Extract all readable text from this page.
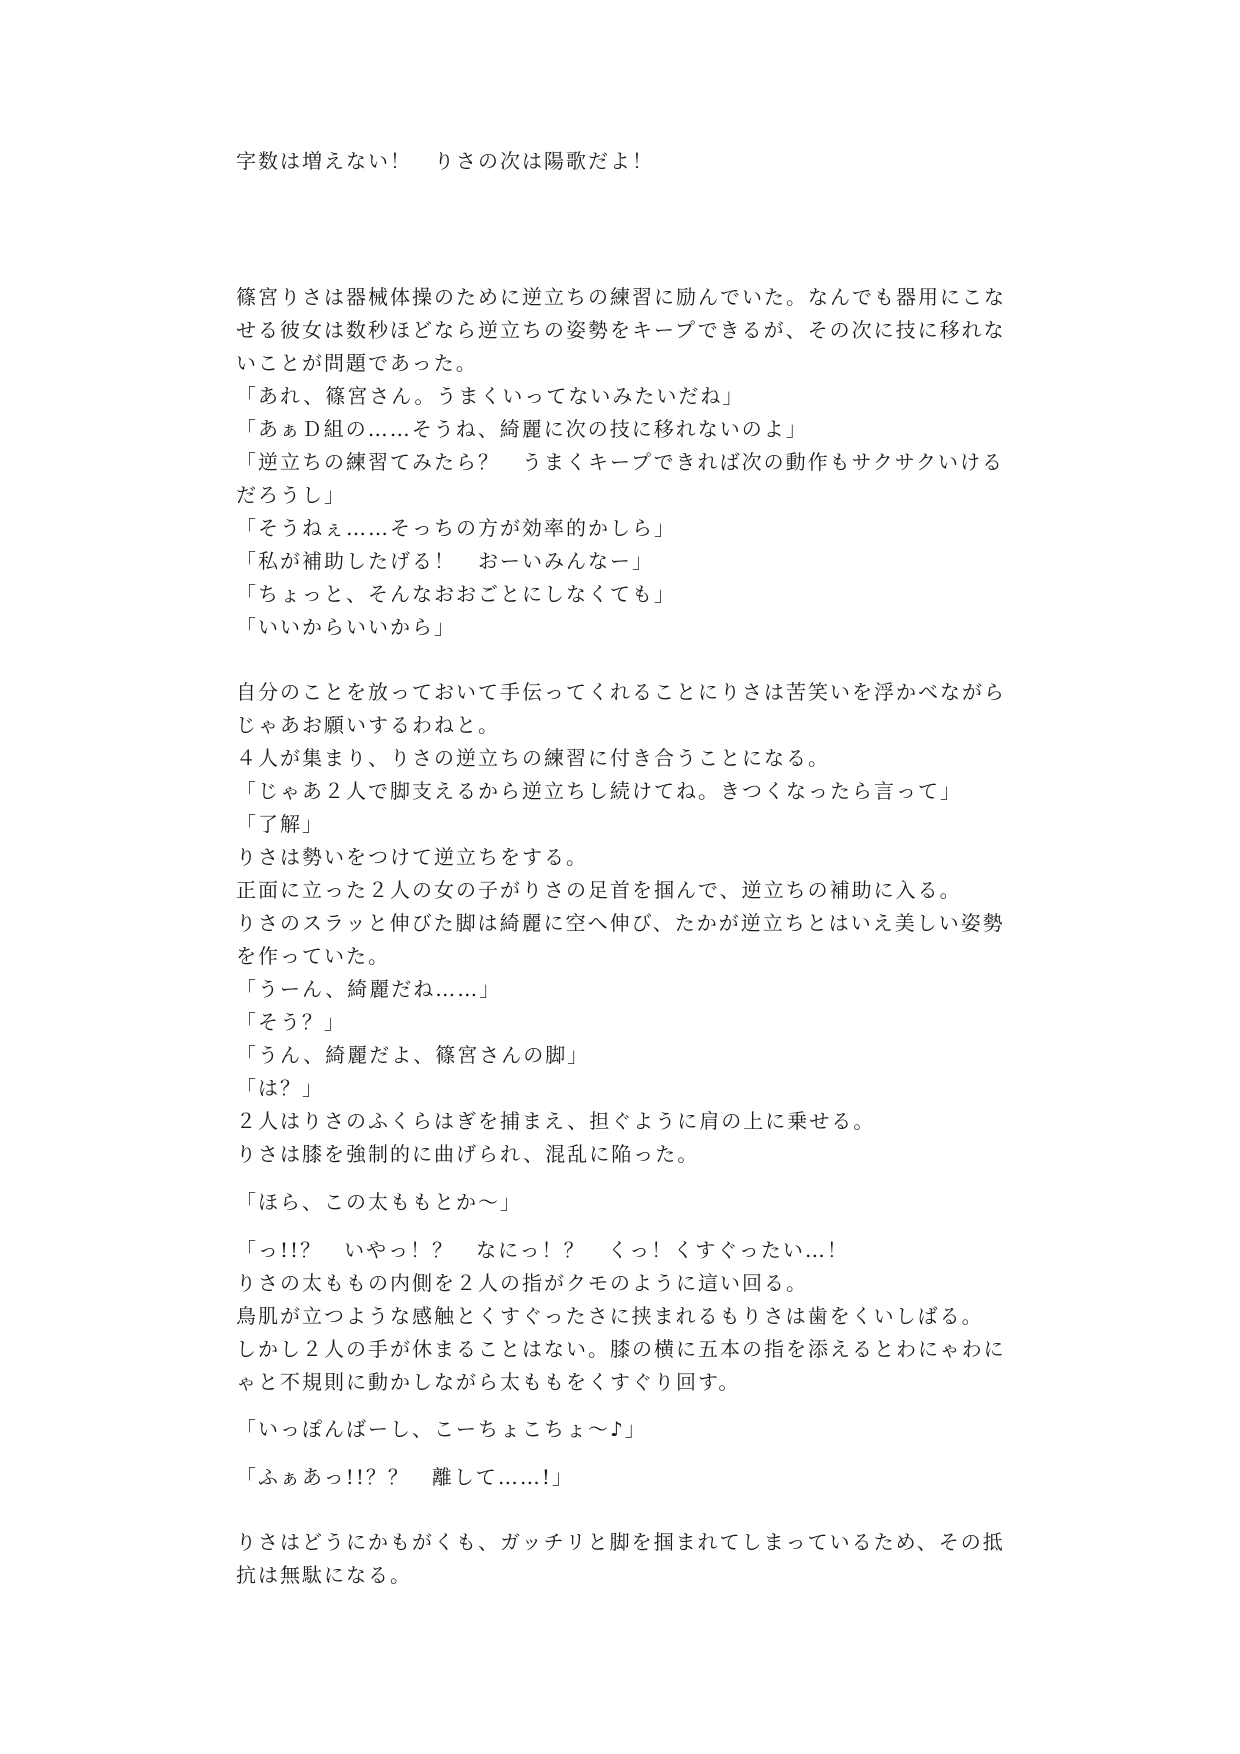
字数は増えない！　りさの次は陽歌だよ！
篠宮りさは器械体操のために逆立ちの練習に励んでいた。なんでも器用にこな
せる彼女は数秒ほどなら逆立ちの姿勢をキープできるが、その次に技に移れな
いことが問題であった。
「あれ、篠宮さん。うまくいってないみたいだね」
「あぁＤ組の……そうね、綺麗に次の技に移れないのよ」
「逆立ちの練習てみたら？　うまくキープできれば次の動作もサクサクいける
だろうし」
「そうねぇ……そっちの方が効率的かしら」
「私が補助したげる！　おーいみんなー」
「ちょっと、そんなおおごとにしなくても」
「いいからいいから」
自分のことを放っておいて手伝ってくれることにりさは苦笑いを浮かべながら
じゃあお願いするわねと。
４人が集まり、りさの逆立ちの練習に付き合うことになる。
「じゃあ２人で脚支えるから逆立ちし続けてね。きつくなったら言って」
「了解」
りさは勢いをつけて逆立ちをする。
正面に立った２人の女の子がりさの足首を掴んで、逆立ちの補助に入る。
りさのスラッと伸びた脚は綺麗に空へ伸び、たかが逆立ちとはいえ美しい姿勢
を作っていた。
「うーん、綺麗だね……」
「そう？」
「うん、綺麗だよ、篠宮さんの脚」
「は？」
２人はりさのふくらはぎを捕まえ、担ぐように肩の上に乗せる。
りさは膝を強制的に曲げられ、混乱に陥った。
「ほら、この太ももとか〜」
「っ!!？　いやっ！？　なにっ！？　くっ！くすぐったい…！
りさの太ももの内側を２人の指がクモのように這い回る。
鳥肌が立つような感触とくすぐったさに挟まれるもりさは歯をくいしばる。
しかし２人の手が休まることはない。膝の横に五本の指を添えるとわにゃわに
ゃと不規則に動かしながら太ももをくすぐり回す。
「いっぽんばーし、こーちょこちょ〜♪」
「ふぁあっ!!？？　離して……!」
りさはどうにかもがくも、ガッチリと脚を掴まれてしまっているため、その抵
抗は無駄になる。
